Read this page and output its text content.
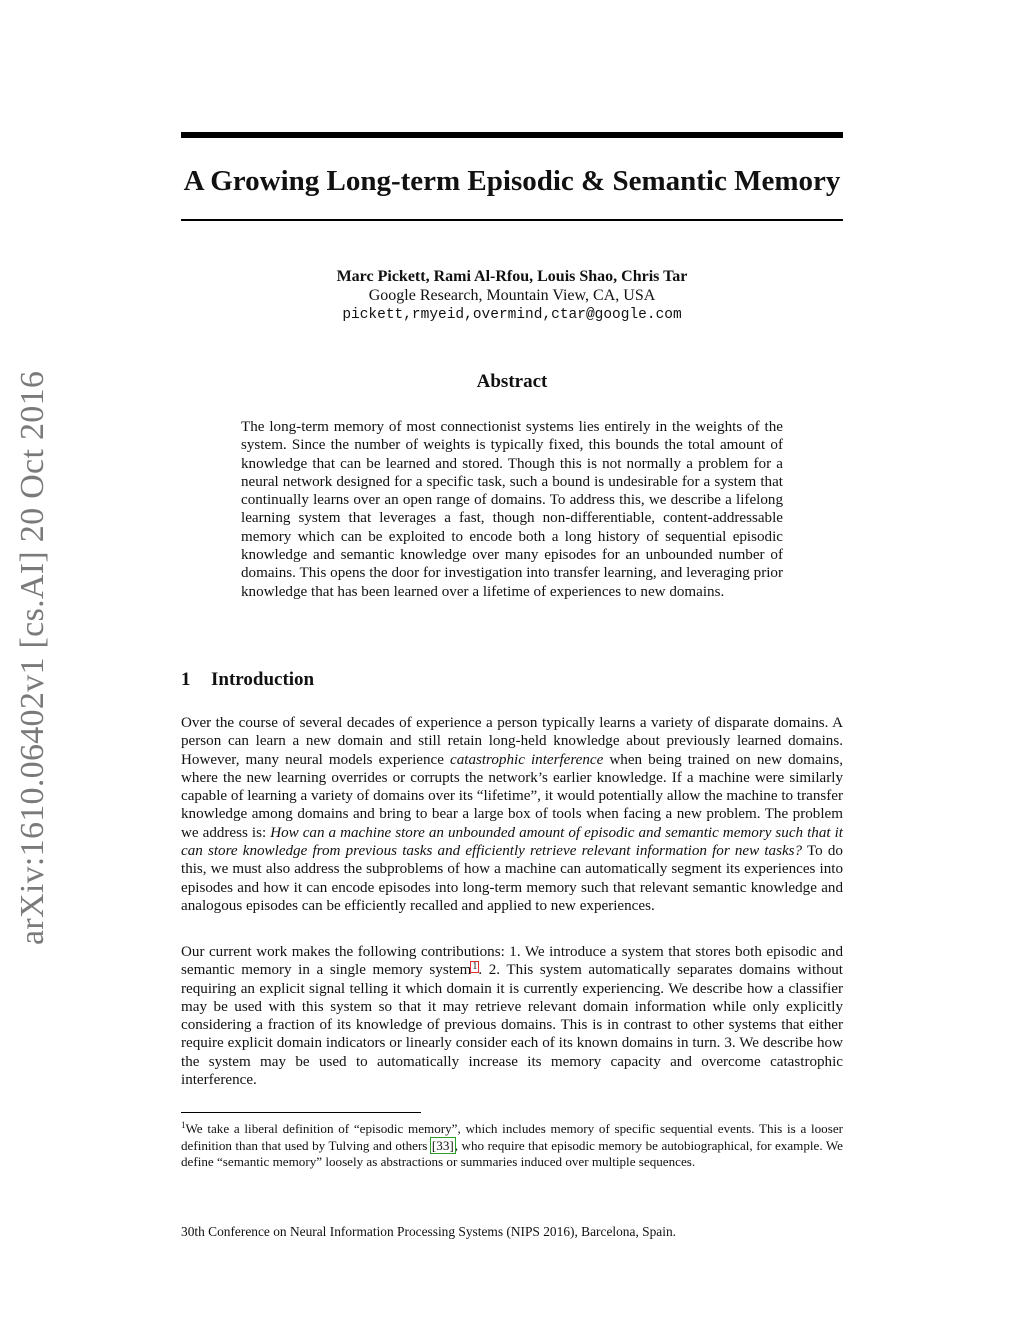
arXiv:1610.06402v1 [cs.AI] 20 Oct 2016
A Growing Long-term Episodic & Semantic Memory
Marc Pickett, Rami Al-Rfou, Louis Shao, Chris Tar
Google Research, Mountain View, CA, USA
pickett,rmyeid,overmind,ctar@google.com
Abstract

The long-term memory of most connectionist systems lies entirely in the weights of the system. Since the number of weights is typically fixed, this bounds the total amount of knowledge that can be learned and stored. Though this is not normally a problem for a neural network designed for a specific task, such a bound is undesirable for a system that continually learns over an open range of domains. To address this, we describe a lifelong learning system that leverages a fast, though non-differentiable, content-addressable memory which can be exploited to encode both a long history of sequential episodic knowledge and semantic knowledge over many episodes for an unbounded number of domains. This opens the door for investigation into transfer learning, and leveraging prior knowledge that has been learned over a lifetime of experiences to new domains.

1 Introduction

Over the course of several decades of experience a person typically learns a variety of disparate domains. A person can learn a new domain and still retain long-held knowledge about previously learned domains. However, many neural models experience catastrophic interference when being trained on new domains, where the new learning overrides or corrupts the network’s earlier knowledge. If a machine were similarly capable of learning a variety of domains over its “lifetime”, it would potentially allow the machine to transfer knowledge among domains and bring to bear a large box of tools when facing a new problem. The problem we address is: How can a machine store an unbounded amount of episodic and semantic memory such that it can store knowledge from previous tasks and efficiently retrieve relevant information for new tasks? To do this, we must also address the subproblems of how a machine can automatically segment its experiences into episodes and how it can encode episodes into long-term memory such that relevant semantic knowledge and analogous episodes can be efficiently recalled and applied to new experiences.

Our current work makes the following contributions: 1. We introduce a system that stores both episodic and semantic memory in a single memory system1. 2. This system automatically separates domains without requiring an explicit signal telling it which domain it is currently experiencing. We describe how a classifier may be used with this system so that it may retrieve relevant domain information while only explicitly considering a fraction of its knowledge of previous domains. This is in contrast to other systems that either require explicit domain indicators or linearly consider each of its known domains in turn. 3. We describe how the system may be used to automatically increase its memory capacity and overcome catastrophic interference.

$^1$We take a liberal definition of “episodic memory”, which includes memory of specific sequential events. This is a looser definition than that used by Tulving and others [33], who require that episodic memory be autobiographical, for example. We define “semantic memory” loosely as abstractions or summaries induced over multiple sequences.

30th Conference on Neural Information Processing Systems (NIPS 2016), Barcelona, Spain.
